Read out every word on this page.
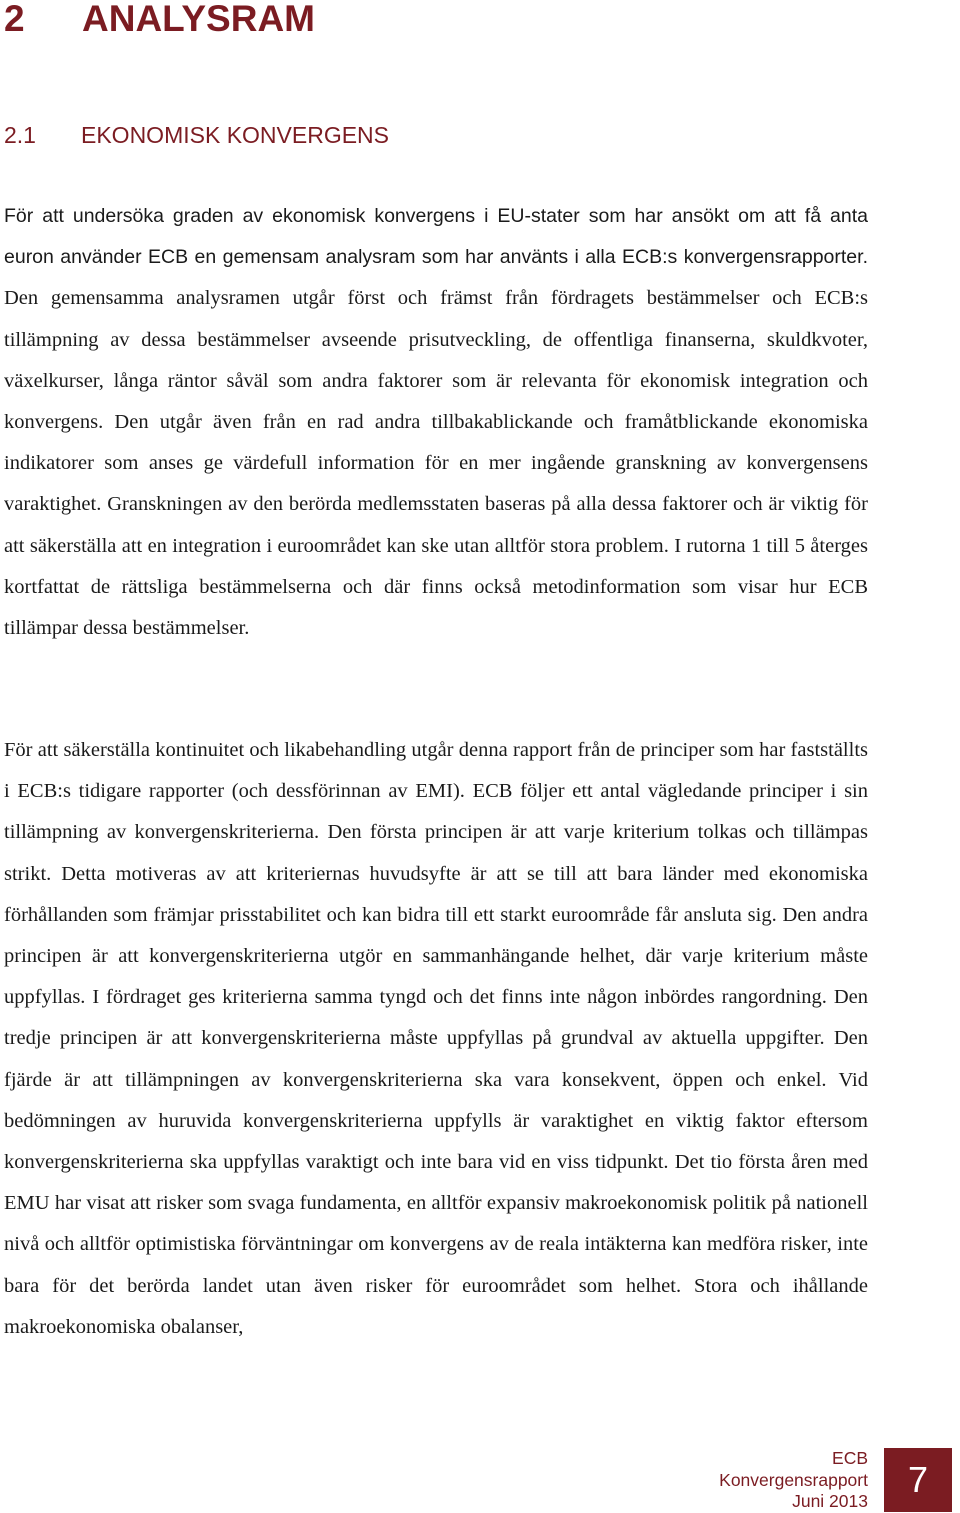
2 ANALYSRAM
2.1 EKONOMISK KONVERGENS

För att undersöka graden av ekonomisk konvergens i EU-stater som har ansökt om att få anta euron använder ECB en gemensam analysram som har använts i alla ECB:s konvergensrapporter. Den gemensamma analysramen utgår först och främst från fördragets bestämmelser och ECB:s tillämpning av dessa bestämmelser avseende prisutveckling, de offentliga finanserna, skuldkvoter, växelkurser, långa räntor såväl som andra faktorer som är relevanta för ekonomisk integration och konvergens. Den utgår även från en rad andra tillbakablickande och framåtblickande ekonomiska indikatorer som anses ge värdefull information för en mer ingående granskning av konvergensens varaktighet. Granskningen av den berörda medlemsstaten baseras på alla dessa faktorer och är viktig för att säkerställa att en integration i euroområdet kan ske utan alltför stora problem. I rutorna 1 till 5 återges kortfattat de rättsliga bestämmelserna och där finns också metodinformation som visar hur ECB tillämpar dessa bestämmelser.

För att säkerställa kontinuitet och likabehandling utgår denna rapport från de principer som har fastställts i ECB:s tidigare rapporter (och dessförinnan av EMI). ECB följer ett antal vägledande principer i sin tillämpning av konvergenskriterierna. Den första principen är att varje kriterium tolkas och tillämpas strikt. Detta motiveras av att kriteriernas huvudsyfte är att se till att bara länder med ekonomiska förhållanden som främjar prisstabilitet och kan bidra till ett starkt euroområde får ansluta sig. Den andra principen är att konvergenskriterierna utgör en sammanhängande helhet, där varje kriterium måste uppfyllas. I fördraget ges kriterierna samma tyngd och det finns inte någon inbördes rangordning. Den tredje principen är att konvergenskriterierna måste uppfyllas på grundval av aktuella uppgifter. Den fjärde är att tillämpningen av konvergenskriterierna ska vara konsekvent, öppen och enkel. Vid bedömningen av huruvida konvergenskriterierna uppfylls är varaktighet en viktig faktor eftersom konvergenskriterierna ska uppfyllas varaktigt och inte bara vid en viss tidpunkt. Det tio första åren med EMU har visat att risker som svaga fundamenta, en alltför expansiv makroekonomisk politik på nationell nivå och alltför optimistiska förväntningar om konvergens av de reala intäkterna kan medföra risker, inte bara för det berörda landet utan även risker för euroområdet som helhet. Stora och ihållande makroekonomiska obalanser,

ECB
Konvergensrapport
Juni 2013
7
